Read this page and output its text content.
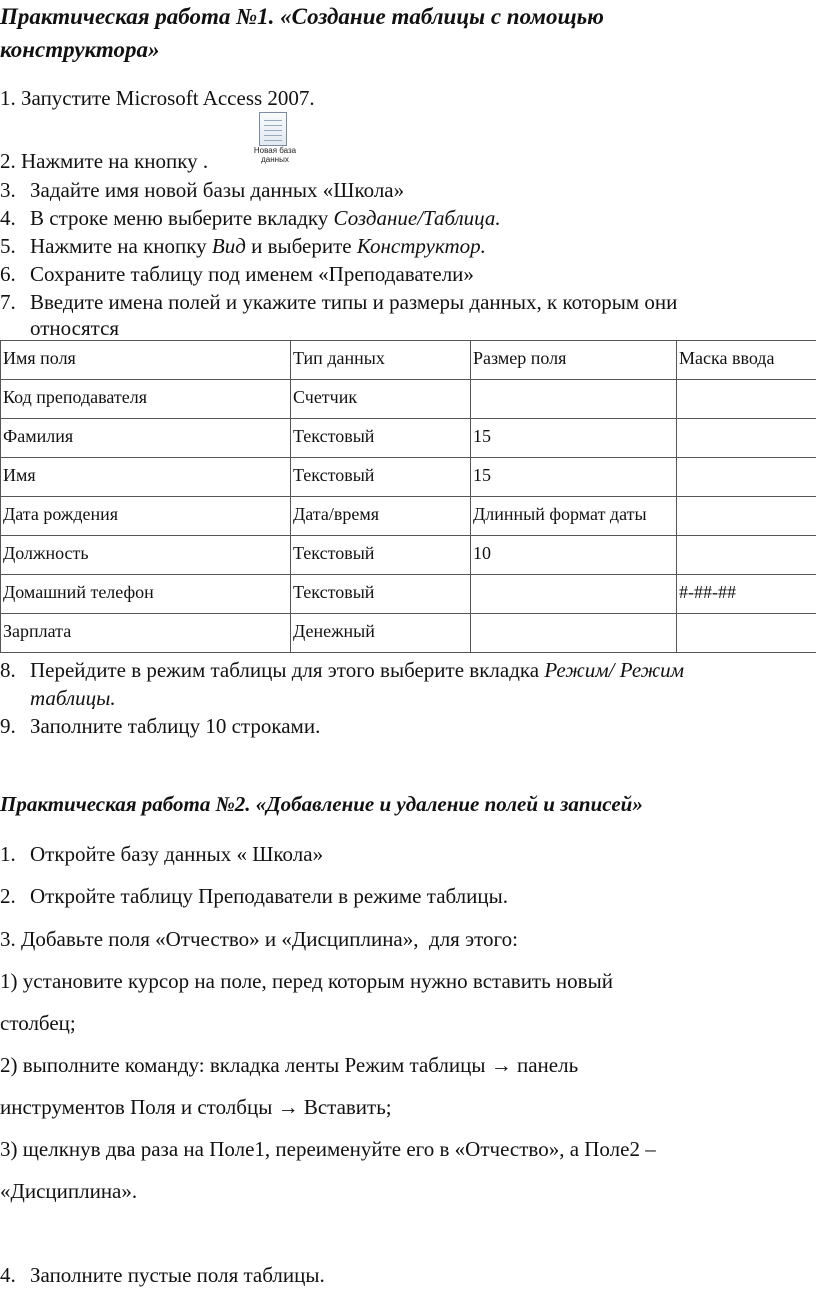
Практическая работа №1. «Создание таблицы с помощью
конструктора»
1. Запустите Microsoft Access 2007.
2. Нажмите на кнопку .	Новая база
данных
3. Задайте имя новой базы данных «Школа»
4. В строке меню выберите вкладку Создание/Таблица.
5. Нажмите на кнопку Вид и выберите Конструктор.
6. Сохраните таблицу под именем «Преподаватели»
7. Введите имена полей и укажите типы и размеры данных, к которым они
относятся
Имя поля	Тип данных	Размер поля	Маска ввода
Код преподавателя	Счетчик		
Фамилия	Текстовый	15	
Имя	Текстовый	15	
Дата рождения	Дата/время	Длинный формат даты	
Должность	Текстовый	10	
Домашний телефон	Текстовый		#-##-##
Зарплата	Денежный		
8. Перейдите в режим таблицы для этого выберите вкладка Режим/ Режим
таблицы.
9. Заполните таблицу 10 строками.
Практическая работа №2. «Добавление и удаление полей и записей»
1. Откройте базу данных « Школа»
2. Откройте таблицу Преподаватели в режиме таблицы.
3. Добавьте поля «Отчество» и «Дисциплина»,  для этого:
1) установите курсор на поле, перед которым нужно вставить новый
столбец;
2) выполните команду: вкладка ленты Режим таблицы → панель
инструментов Поля и столбцы → Вставить;
3) щелкнув два раза на Поле1, переименуйте его в «Отчество», а Поле2 –
«Дисциплина».
4. Заполните пустые поля таблицы.
